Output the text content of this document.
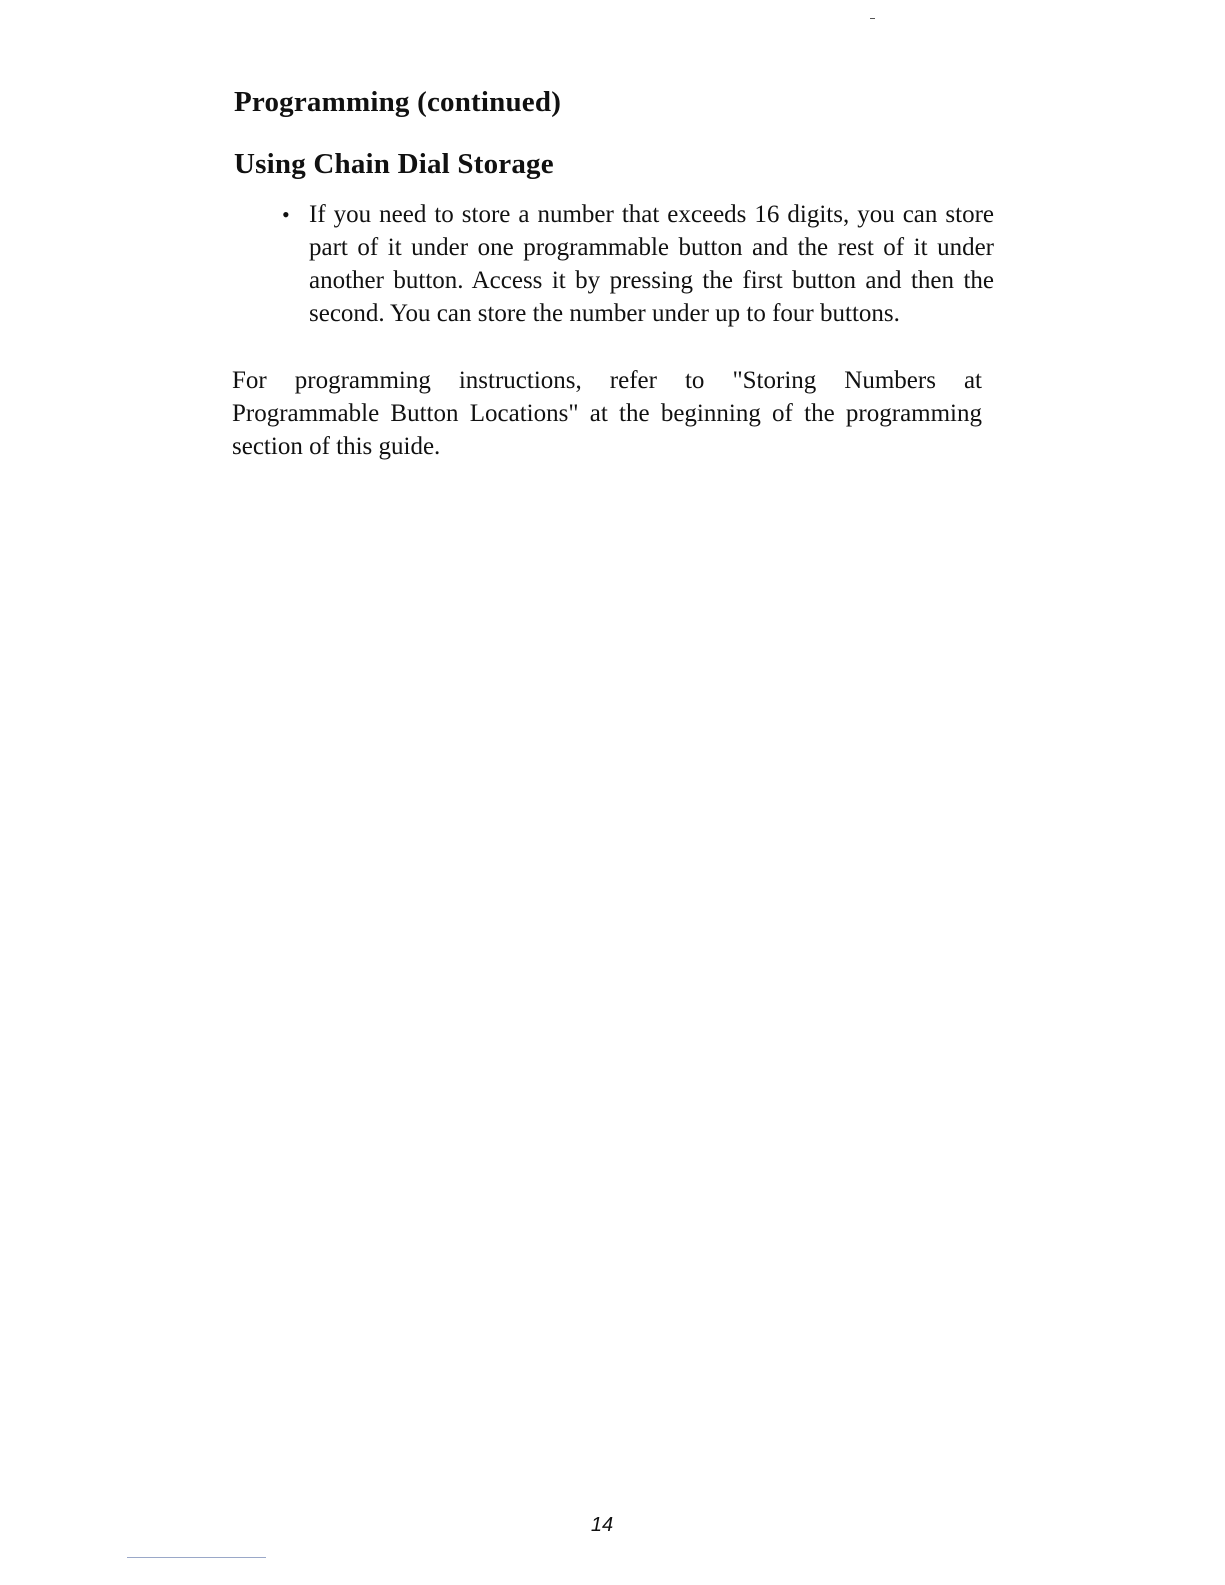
Programming (continued)
Using Chain Dial Storage
• If you need to store a number that exceeds 16 digits, you can store part of it under one programmable button and the rest of it under another button. Access it by pressing the first button and then the second. You can store the number under up to four buttons.

For programming instructions, refer to "Storing Numbers at Programmable Button Locations" at the beginning of the programming section of this guide.

14
